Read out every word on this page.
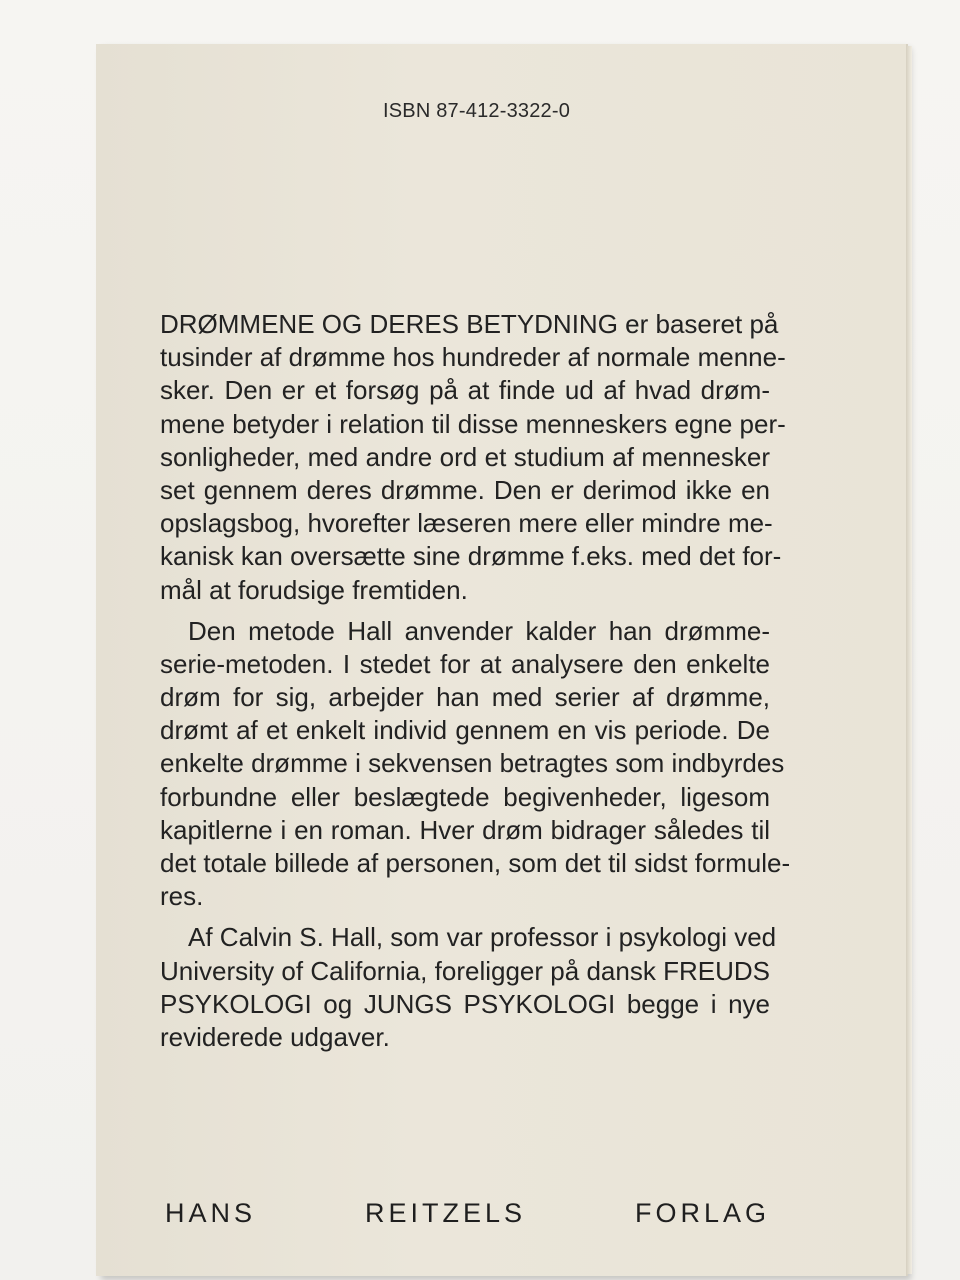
ISBN 87-412-3322-0
DRØMMENE OG DERES BETYDNING er baseret på
tusinder af drømme hos hundreder af normale menne-
sker. Den er et forsøg på at finde ud af hvad drøm-
mene betyder i relation til disse menneskers egne per-
sonligheder, med andre ord et studium af mennesker
set gennem deres drømme. Den er derimod ikke en
opslagsbog, hvorefter læseren mere eller mindre me-
kanisk kan oversætte sine drømme f.eks. med det for-
mål at forudsige fremtiden.
Den metode Hall anvender kalder han drømme-
serie-metoden. I stedet for at analysere den enkelte
drøm for sig, arbejder han med serier af drømme,
drømt af et enkelt individ gennem en vis periode. De
enkelte drømme i sekvensen betragtes som indbyrdes
forbundne eller beslægtede begivenheder, ligesom
kapitlerne i en roman. Hver drøm bidrager således til
det totale billede af personen, som det til sidst formule-
res.
Af Calvin S. Hall, som var professor i psykologi ved
University of California, foreligger på dansk FREUDS
PSYKOLOGI og JUNGS PSYKOLOGI begge i nye
reviderede udgaver.
HANS REITZELS FORLAG
